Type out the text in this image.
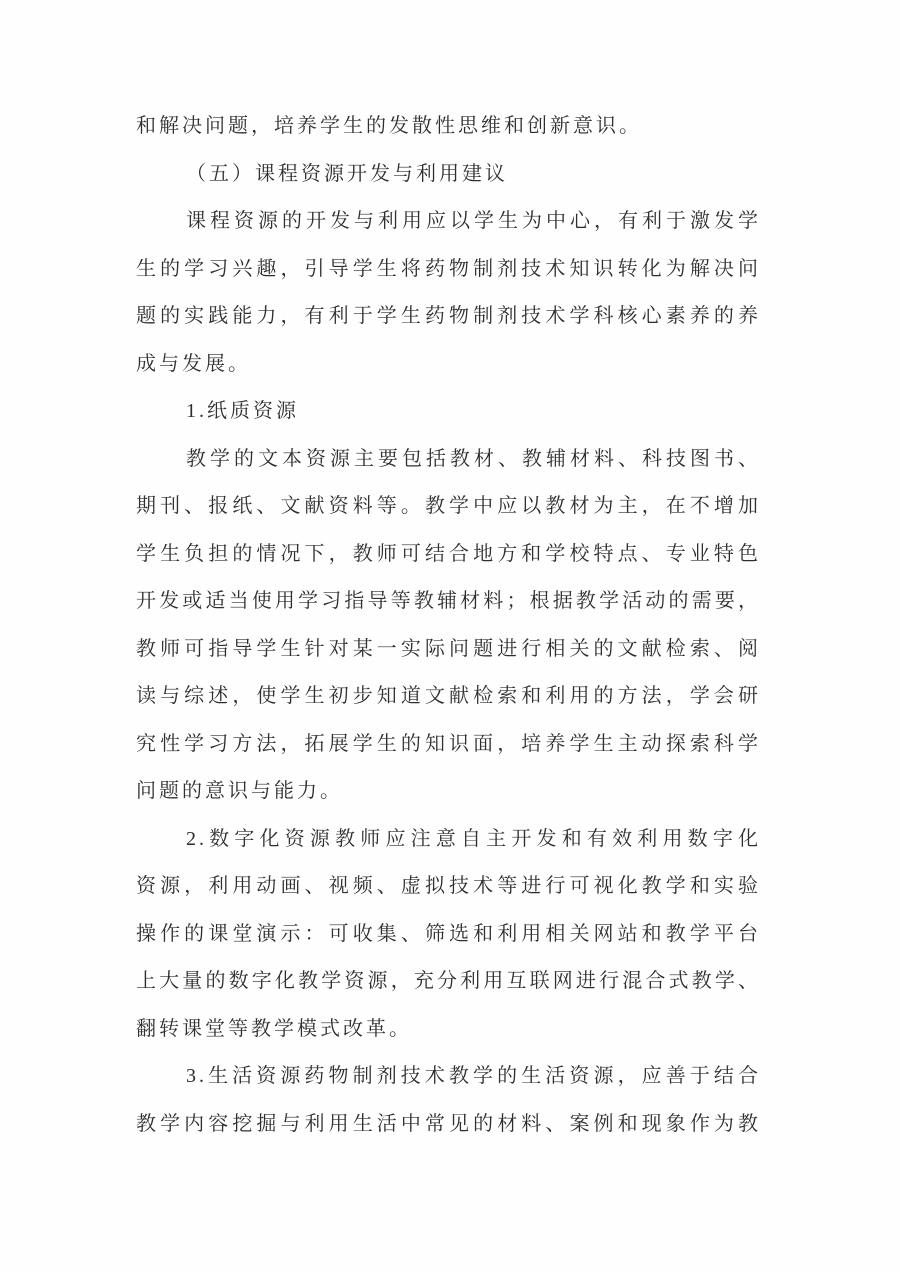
和解决问题，培养学生的发散性思维和创新意识。
（五）课程资源开发与利用建议
课程资源的开发与利用应以学生为中心，有利于激发学
生的学习兴趣，引导学生将药物制剂技术知识转化为解决问
题的实践能力，有利于学生药物制剂技术学科核心素养的养
成与发展。
1.纸质资源
教学的文本资源主要包括教材、教辅材料、科技图书、
期刊、报纸、文献资料等。教学中应以教材为主，在不增加
学生负担的情况下，教师可结合地方和学校特点、专业特色
开发或适当使用学习指导等教辅材料；根据教学活动的需要，
教师可指导学生针对某一实际问题进行相关的文献检索、阅
读与综述，使学生初步知道文献检索和利用的方法，学会研
究性学习方法，拓展学生的知识面，培养学生主动探索科学
问题的意识与能力。
2.数字化资源教师应注意自主开发和有效利用数字化
资源，利用动画、视频、虚拟技术等进行可视化教学和实验
操作的课堂演示：可收集、筛选和利用相关网站和教学平台
上大量的数字化教学资源，充分利用互联网进行混合式教学、
翻转课堂等教学模式改革。
3.生活资源药物制剂技术教学的生活资源，应善于结合
教学内容挖掘与利用生活中常见的材料、案例和现象作为教
